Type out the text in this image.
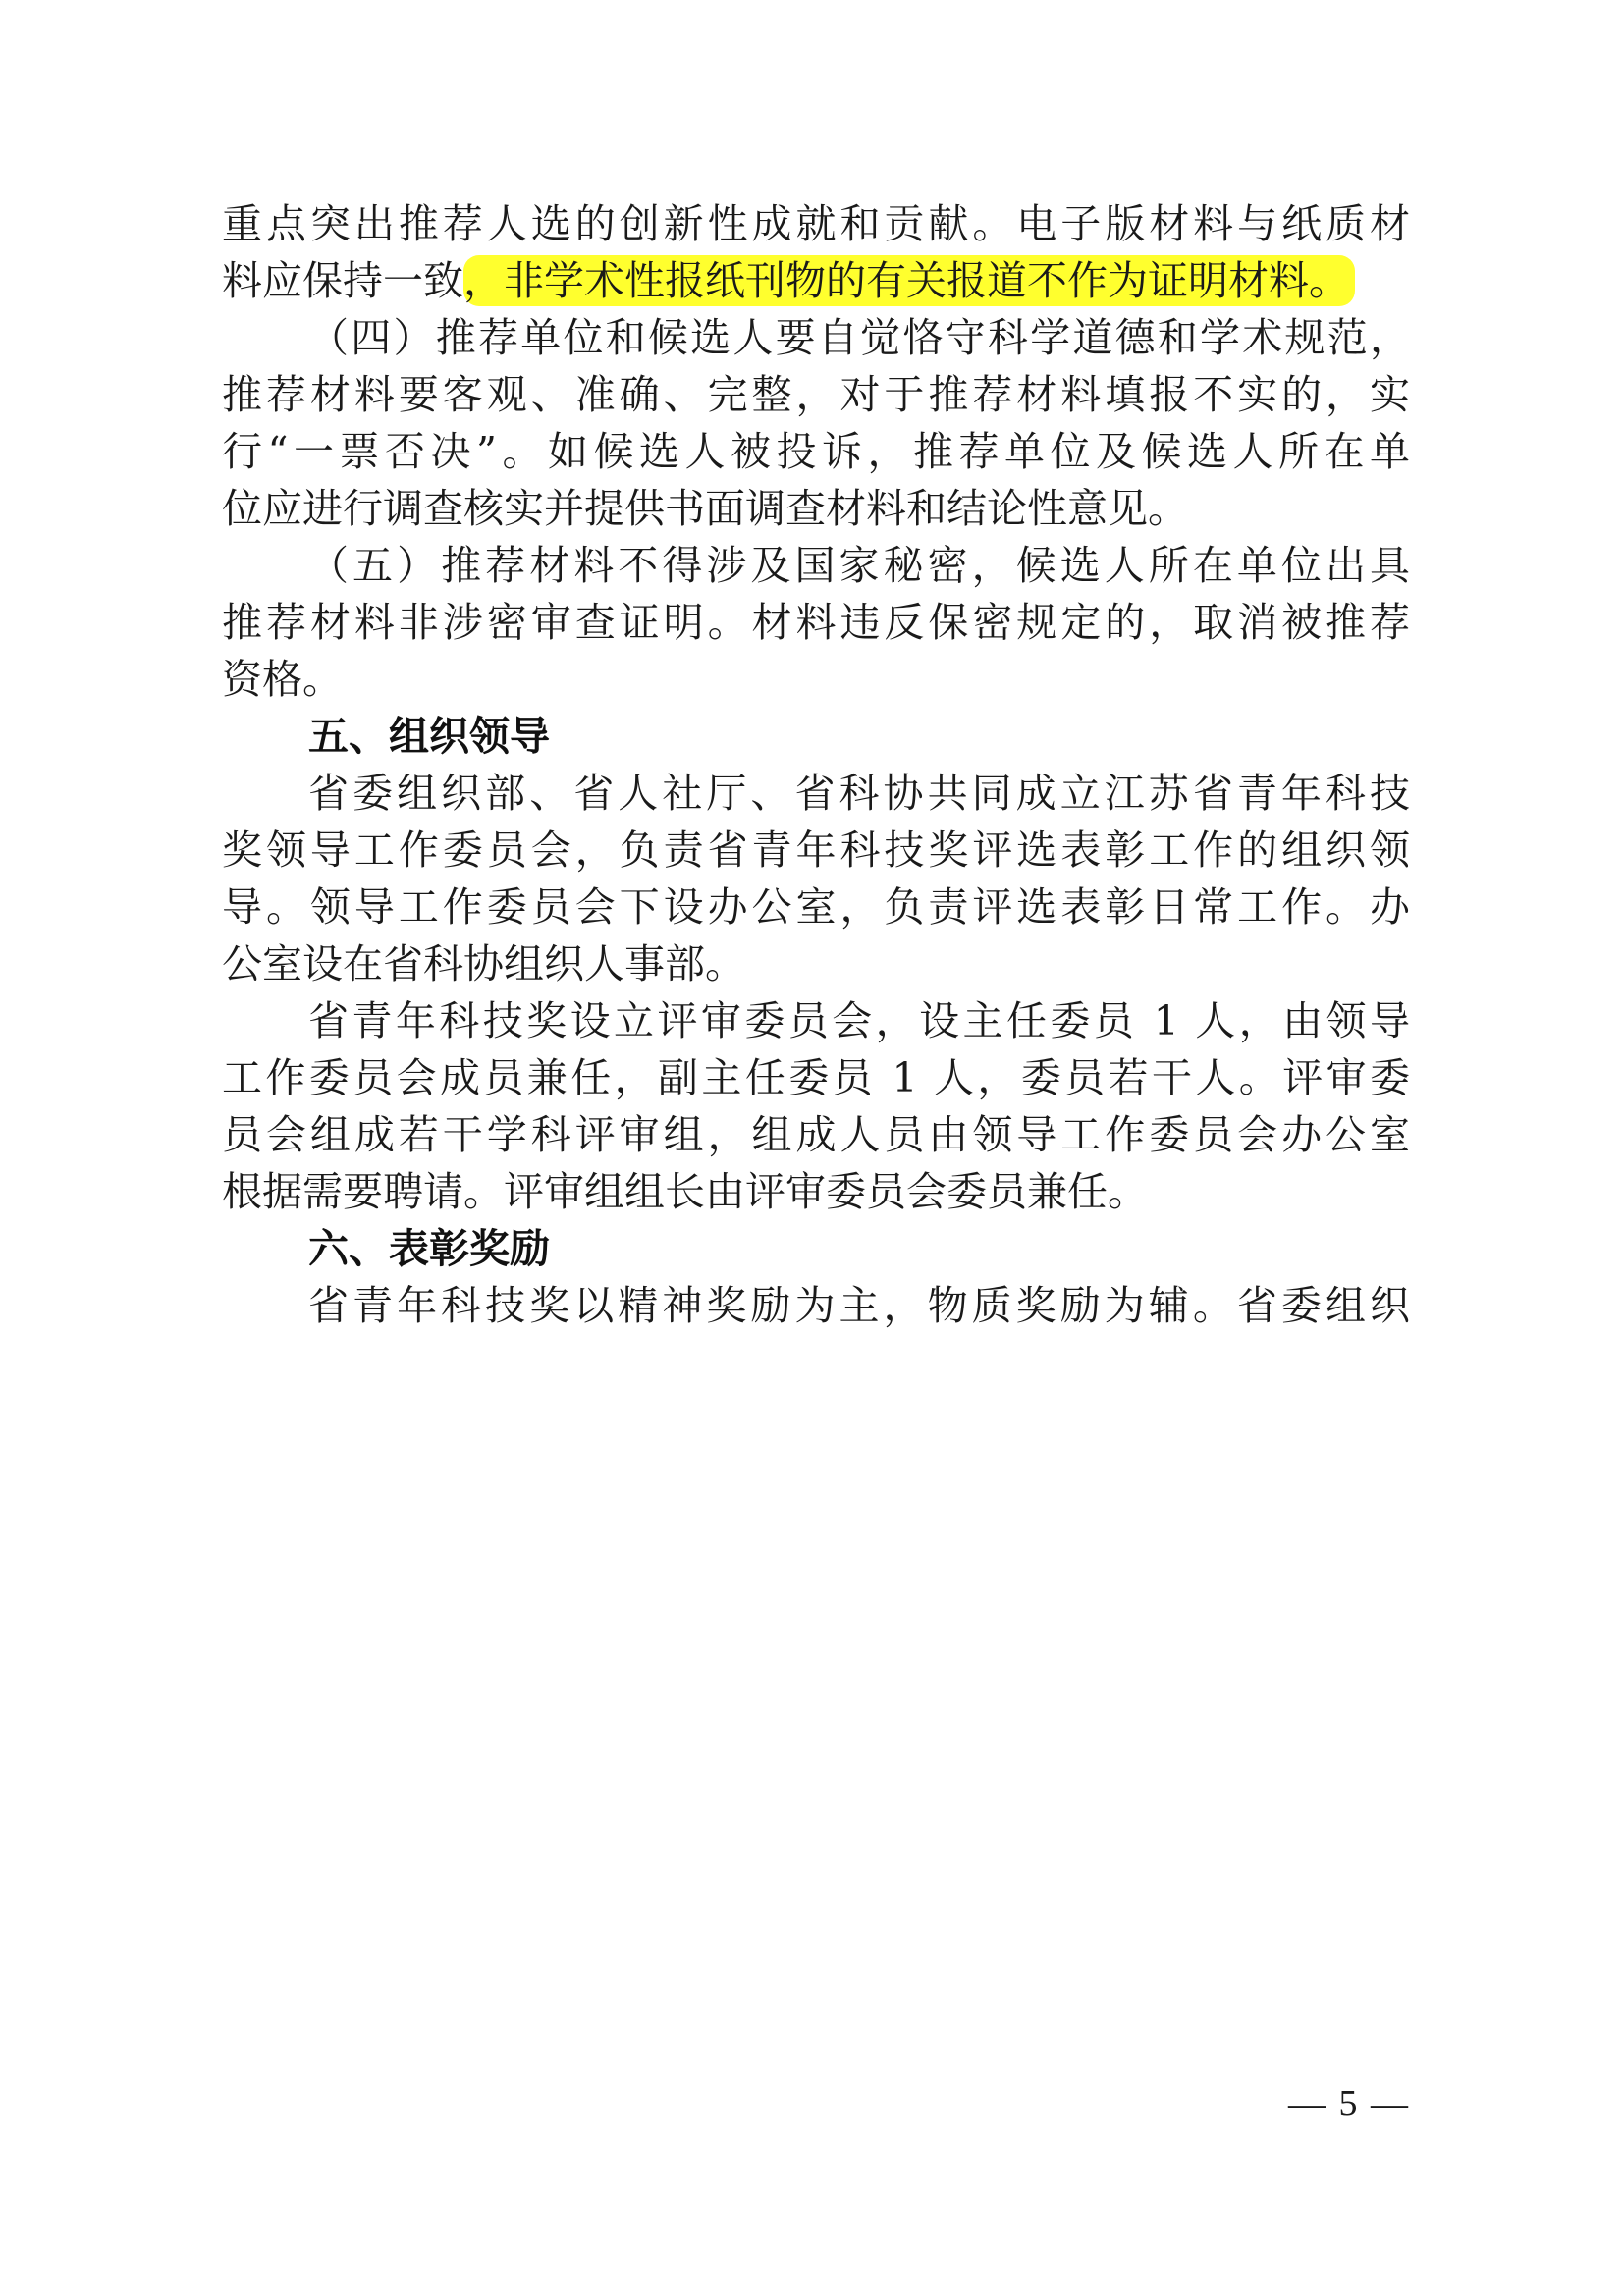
重点突出推荐人选的创新性成就和贡献。电子版材料与纸质材
料应保持一致，非学术性报纸刊物的有关报道不作为证明材料。
（四）推荐单位和候选人要自觉恪守科学道德和学术规范，
推荐材料要客观、准确、完整，对于推荐材料填报不实的，实
行“一票否决”。如候选人被投诉，推荐单位及候选人所在单
位应进行调查核实并提供书面调查材料和结论性意见。
（五）推荐材料不得涉及国家秘密，候选人所在单位出具
推荐材料非涉密审查证明。材料违反保密规定的，取消被推荐
资格。
五、组织领导
省委组织部、省人社厅、省科协共同成立江苏省青年科技
奖领导工作委员会，负责省青年科技奖评选表彰工作的组织领
导。领导工作委员会下设办公室，负责评选表彰日常工作。办
公室设在省科协组织人事部。
省青年科技奖设立评审委员会，设主任委员 1 人，由领导
工作委员会成员兼任，副主任委员 1 人，委员若干人。评审委
员会组成若干学科评审组，组成人员由领导工作委员会办公室
根据需要聘请。评审组组长由评审委员会委员兼任。
六、表彰奖励
省青年科技奖以精神奖励为主，物质奖励为辅。省委组织
— 5 —
